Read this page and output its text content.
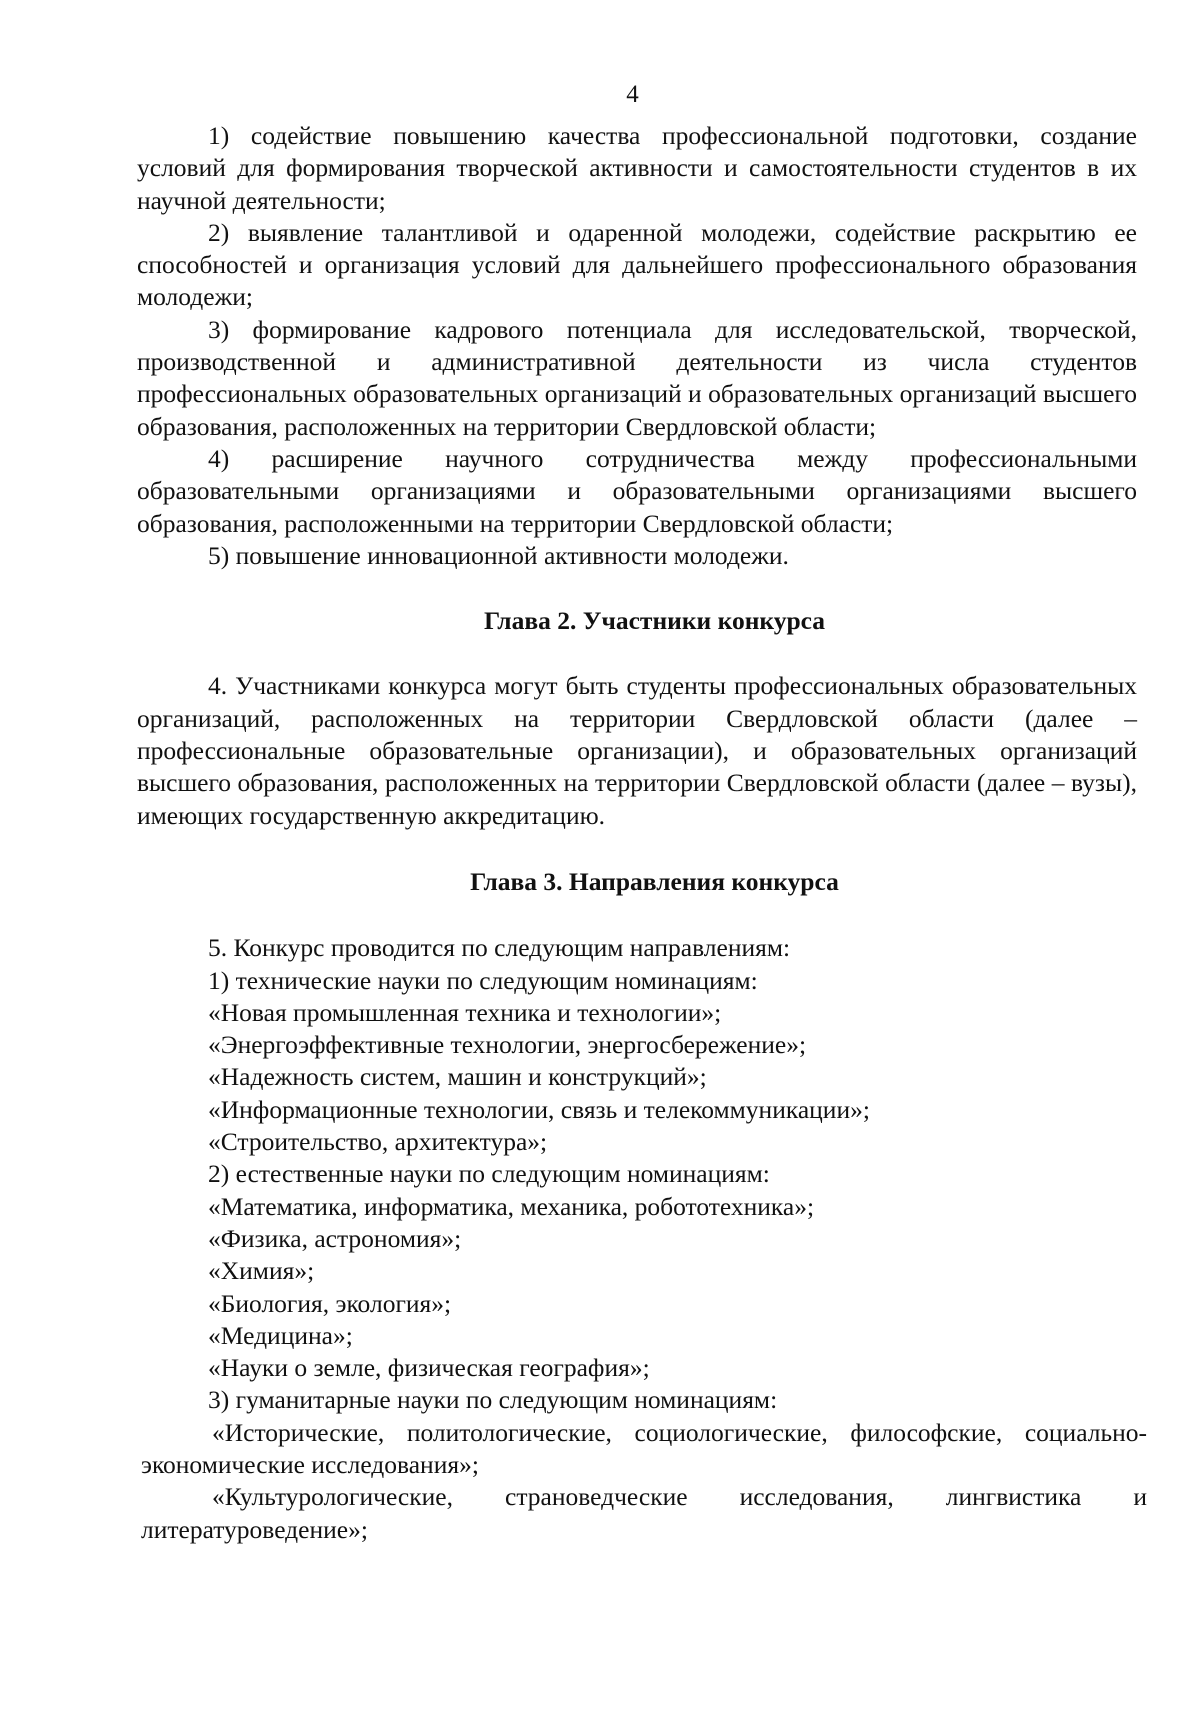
4

1) содействие повышению качества профессиональной подготовки, создание условий для формирования творческой активности и самостоятельности студентов в их научной деятельности;

2) выявление талантливой и одаренной молодежи, содействие раскрытию ее способностей и организация условий для дальнейшего профессионального образования молодежи;

3) формирование кадрового потенциала для исследовательской, творческой, производственной и административной деятельности из числа студентов профессиональных образовательных организаций и образовательных организаций высшего образования, расположенных на территории Свердловской области;

4) расширение научного сотрудничества между профессиональными образовательными организациями и образовательными организациями высшего образования, расположенными на территории Свердловской области;

5) повышение инновационной активности молодежи.

Глава 2. Участники конкурса

4. Участниками конкурса могут быть студенты профессиональных образовательных организаций, расположенных на территории Свердловской области (далее – профессиональные образовательные организации), и образовательных организаций высшего образования, расположенных на территории Свердловской области (далее – вузы), имеющих государственную аккредитацию.

Глава 3. Направления конкурса

5. Конкурс проводится по следующим направлениям:

1) технические науки по следующим номинациям:

«Новая промышленная техника и технологии»;

«Энергоэффективные технологии, энергосбережение»;

«Надежность систем, машин и конструкций»;

«Информационные технологии, связь и телекоммуникации»;

«Строительство, архитектура»;

2) естественные науки по следующим номинациям:

«Математика, информатика, механика, робототехника»;

«Физика, астрономия»;

«Химия»;

«Биология, экология»;

«Медицина»;

«Науки о земле, физическая география»;

3) гуманитарные науки по следующим номинациям:

«Исторические, политологические, социологические, философские, социально-экономические исследования»;

«Культурологические, страноведческие исследования, лингвистика и литературоведение»;
